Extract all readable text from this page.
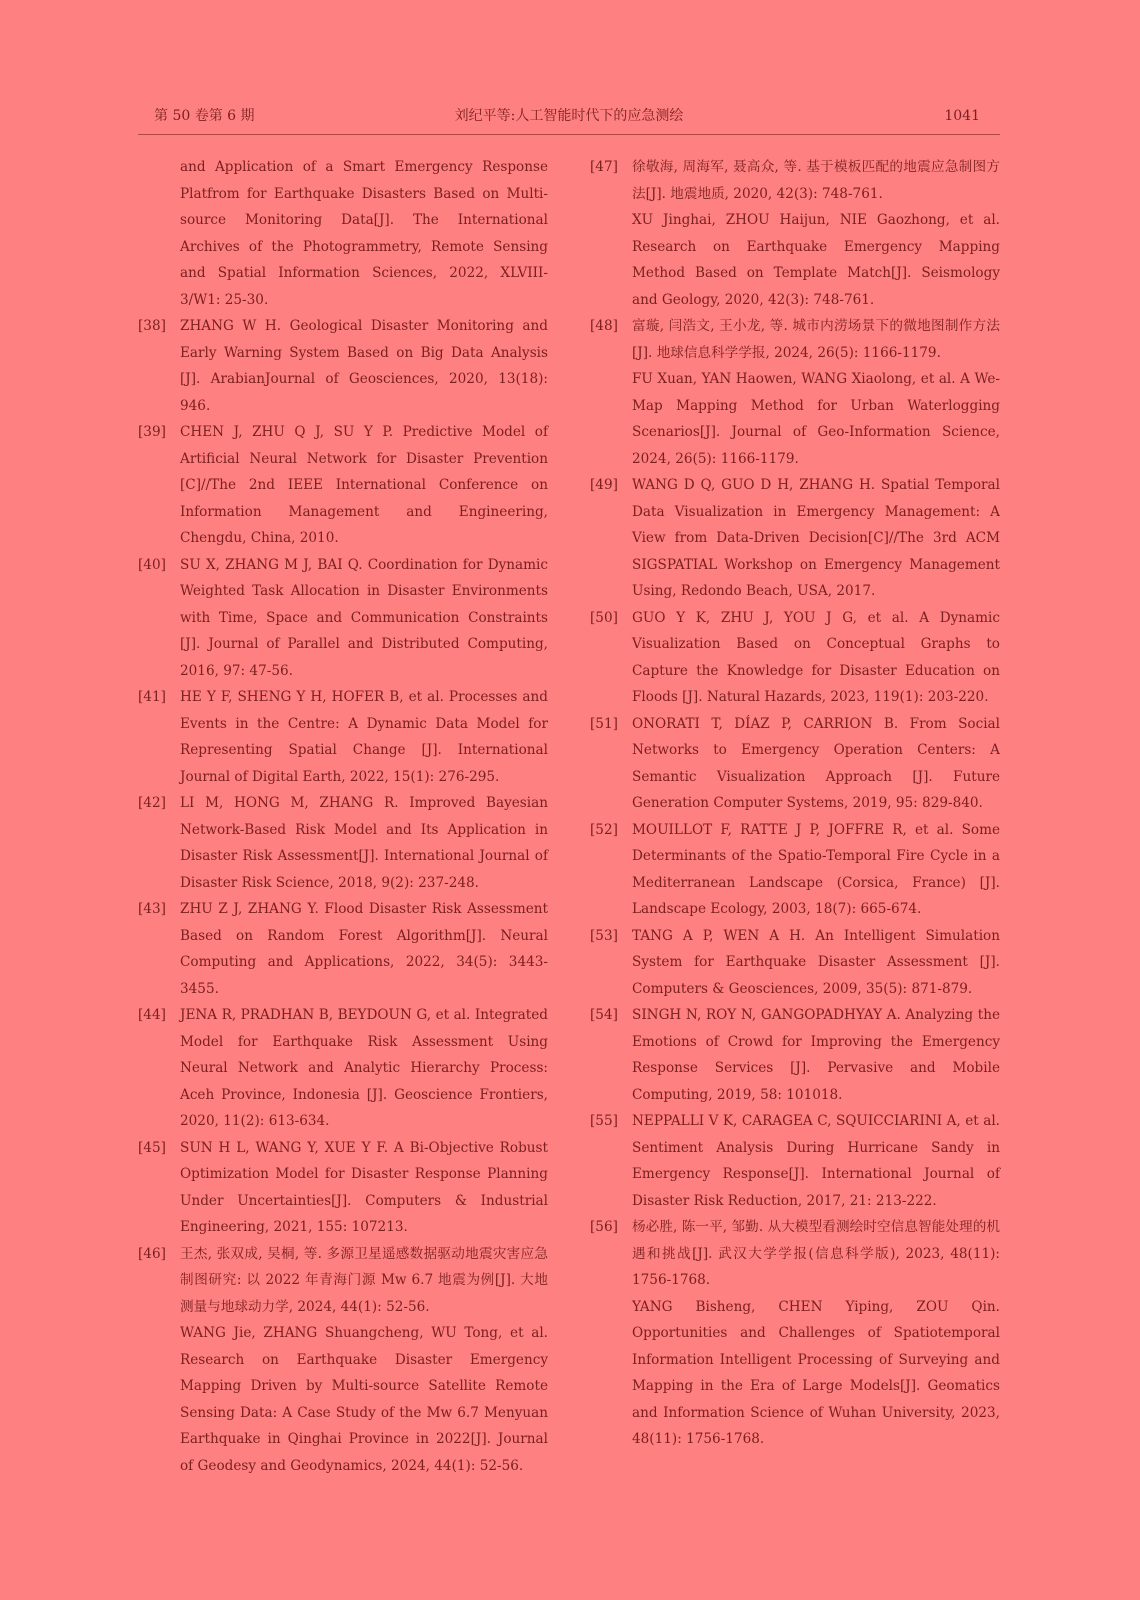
第 50 卷第 6 期	刘纪平等:人工智能时代下的应急测绘	1041
and Application of a Smart Emergency Response Platfrom for Earthquake Disasters Based on Multi-source Monitoring Data[J]. The International Archives of the Photogrammetry, Remote Sensing and Spatial Information Sciences, 2022, XLVIII-3/W1: 25-30.
[38]	ZHANG W H. Geological Disaster Monitoring and Early Warning System Based on Big Data Analysis [J]. ArabianJournal of Geosciences, 2020, 13(18): 946.
[39]	CHEN J, ZHU Q J, SU Y P. Predictive Model of Artificial Neural Network for Disaster Prevention [C]//The 2nd IEEE International Conference on Information Management and Engineering, Chengdu, China, 2010.
[40]	SU X, ZHANG M J, BAI Q. Coordination for Dynamic Weighted Task Allocation in Disaster Environments with Time, Space and Communication Constraints [J]. Journal of Parallel and Distributed Computing, 2016, 97: 47-56.
[41]	HE Y F, SHENG Y H, HOFER B, et al. Processes and Events in the Centre: A Dynamic Data Model for Representing Spatial Change [J]. International Journal of Digital Earth, 2022, 15(1): 276-295.
[42]	LI M, HONG M, ZHANG R. Improved Bayesian Network-Based Risk Model and Its Application in Disaster Risk Assessment[J]. International Journal of Disaster Risk Science, 2018, 9(2): 237-248.
[43]	ZHU Z J, ZHANG Y. Flood Disaster Risk Assessment Based on Random Forest Algorithm[J]. Neural Computing and Applications, 2022, 34(5): 3443-3455.
[44]	JENA R, PRADHAN B, BEYDOUN G, et al. Integrated Model for Earthquake Risk Assessment Using Neural Network and Analytic Hierarchy Process: Aceh Province, Indonesia [J]. Geoscience Frontiers, 2020, 11(2): 613-634.
[45]	SUN H L, WANG Y, XUE Y F. A Bi-Objective Robust Optimization Model for Disaster Response Planning Under Uncertainties[J]. Computers & Industrial Engineering, 2021, 155: 107213.
[46]	王杰, 张双成, 吴桐, 等. 多源卫星遥感数据驱动地震灾害应急制图研究: 以 2022 年青海门源 Mw 6.7 地震为例[J]. 大地测量与地球动力学, 2024, 44(1): 52-56.
WANG Jie, ZHANG Shuangcheng, WU Tong, et al. Research on Earthquake Disaster Emergency Mapping Driven by Multi-source Satellite Remote Sensing Data: A Case Study of the Mw 6.7 Menyuan Earthquake in Qinghai Province in 2022[J]. Journal of Geodesy and Geodynamics, 2024, 44(1): 52-56.
[47]	徐敬海, 周海军, 聂高众, 等. 基于模板匹配的地震应急制图方法[J]. 地震地质, 2020, 42(3): 748-761.
XU Jinghai, ZHOU Haijun, NIE Gaozhong, et al. Research on Earthquake Emergency Mapping Method Based on Template Match[J]. Seismology and Geology, 2020, 42(3): 748-761.
[48]	富璇, 闫浩文, 王小龙, 等. 城市内涝场景下的微地图制作方法[J]. 地球信息科学学报, 2024, 26(5): 1166-1179.
FU Xuan, YAN Haowen, WANG Xiaolong, et al. A We-Map Mapping Method for Urban Waterlogging Scenarios[J]. Journal of Geo-Information Science, 2024, 26(5): 1166-1179.
[49]	WANG D Q, GUO D H, ZHANG H. Spatial Temporal Data Visualization in Emergency Management: A View from Data-Driven Decision[C]//The 3rd ACM SIGSPATIAL Workshop on Emergency Management Using, Redondo Beach, USA, 2017.
[50]	GUO Y K, ZHU J, YOU J G, et al. A Dynamic Visualization Based on Conceptual Graphs to Capture the Knowledge for Disaster Education on Floods [J]. Natural Hazards, 2023, 119(1): 203-220.
[51]	ONORATI T, DÍAZ P, CARRION B. From Social Networks to Emergency Operation Centers: A Semantic Visualization Approach [J]. Future Generation Computer Systems, 2019, 95: 829-840.
[52]	MOUILLOT F, RATTE J P, JOFFRE R, et al. Some Determinants of the Spatio-Temporal Fire Cycle in a Mediterranean Landscape (Corsica, France) [J]. Landscape Ecology, 2003, 18(7): 665-674.
[53]	TANG A P, WEN A H. An Intelligent Simulation System for Earthquake Disaster Assessment [J]. Computers & Geosciences, 2009, 35(5): 871-879.
[54]	SINGH N, ROY N, GANGOPADHYAY A. Analyzing the Emotions of Crowd for Improving the Emergency Response Services [J]. Pervasive and Mobile Computing, 2019, 58: 101018.
[55]	NEPPALLI V K, CARAGEA C, SQUICCIARINI A, et al. Sentiment Analysis During Hurricane Sandy in Emergency Response[J]. International Journal of Disaster Risk Reduction, 2017, 21: 213-222.
[56]	杨必胜, 陈一平, 邹勤. 从大模型看测绘时空信息智能处理的机遇和挑战[J]. 武汉大学学报(信息科学版), 2023, 48(11): 1756-1768.
YANG Bisheng, CHEN Yiping, ZOU Qin. Opportunities and Challenges of Spatiotemporal Information Intelligent Processing of Surveying and Mapping in the Era of Large Models[J]. Geomatics and Information Science of Wuhan University, 2023, 48(11): 1756-1768.
